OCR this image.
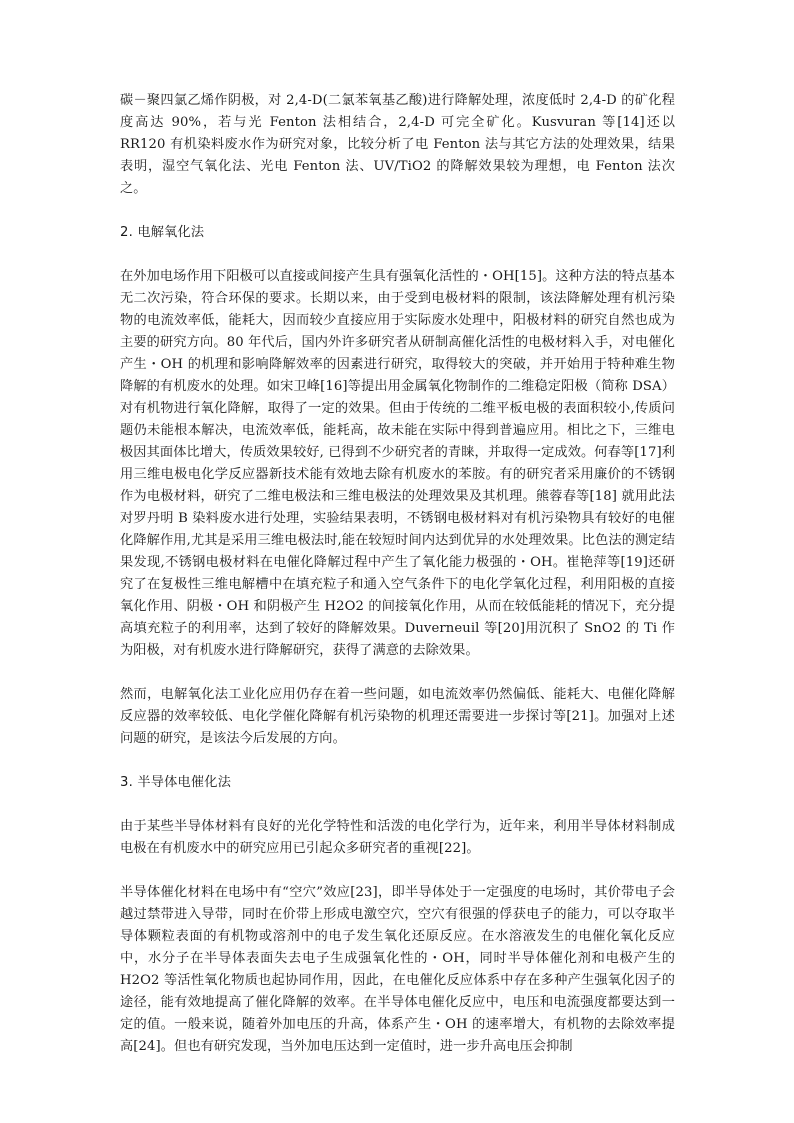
碳－聚四氯乙烯作阴极，对 2,4-D(二氯苯氧基乙酸)进行降解处理，浓度低时 2,4-D 的矿化程度高达 90%，若与光 Fenton 法相结合，2,4-D 可完全矿化。Kusvuran 等[14]还以 RR120 有机染料废水作为研究对象，比较分析了电 Fenton 法与其它方法的处理效果，结果表明，湿空气氧化法、光电 Fenton 法、UV/TiO2 的降解效果较为理想，电 Fenton 法次之。

2. 电解氧化法

在外加电场作用下阳极可以直接或间接产生具有强氧化活性的・OH[15]。这种方法的特点基本无二次污染，符合环保的要求。长期以来，由于受到电极材料的限制，该法降解处理有机污染物的电流效率低，能耗大，因而较少直接应用于实际废水处理中，阳极材料的研究自然也成为主要的研究方向。80 年代后，国内外许多研究者从研制高催化活性的电极材料入手，对电催化产生・OH 的机理和影响降解效率的因素进行研究，取得较大的突破，并开始用于特种难生物降解的有机废水的处理。如宋卫峰[16]等提出用金属氧化物制作的二维稳定阳极（简称 DSA）对有机物进行氧化降解，取得了一定的效果。但由于传统的二维平板电极的表面积较小,传质问题仍未能根本解决，电流效率低，能耗高，故未能在实际中得到普遍应用。相比之下，三维电极因其面体比增大，传质效果较好, 已得到不少研究者的青睐，并取得一定成效。何春等[17]利用三维电极电化学反应器新技术能有效地去除有机废水的苯胺。有的研究者采用廉价的不锈钢作为电极材料，研究了二维电极法和三维电极法的处理效果及其机理。熊蓉春等[18] 就用此法对罗丹明 B 染料废水进行处理，实验结果表明，不锈钢电极材料对有机污染物具有较好的电催化降解作用,尤其是采用三维电极法时,能在较短时间内达到优异的水处理效果。比色法的测定结果发现,不锈钢电极材料在电催化降解过程中产生了氧化能力极强的・OH。崔艳萍等[19]还研究了在复极性三维电解槽中在填充粒子和通入空气条件下的电化学氧化过程，利用阳极的直接氧化作用、阴极・OH 和阴极产生 H2O2 的间接氧化作用，从而在较低能耗的情况下，充分提高填充粒子的利用率，达到了较好的降解效果。Duverneuil 等[20]用沉积了 SnO2 的 Ti 作为阳极，对有机废水进行降解研究，获得了满意的去除效果。

然而，电解氧化法工业化应用仍存在着一些问题，如电流效率仍然偏低、能耗大、电催化降解反应器的效率较低、电化学催化降解有机污染物的机理还需要进一步探讨等[21]。加强对上述问题的研究，是该法今后发展的方向。

3. 半导体电催化法

由于某些半导体材料有良好的光化学特性和活泼的电化学行为，近年来，利用半导体材料制成电极在有机废水中的研究应用已引起众多研究者的重视[22]。

半导体催化材料在电场中有“空穴”效应[23]，即半导体处于一定强度的电场时，其价带电子会越过禁带进入导带，同时在价带上形成电激空穴，空穴有很强的俘获电子的能力，可以夺取半导体颗粒表面的有机物或溶剂中的电子发生氧化还原反应。在水溶液发生的电催化氧化反应中，水分子在半导体表面失去电子生成强氧化性的・OH，同时半导体催化剂和电极产生的 H2O2 等活性氧化物质也起协同作用，因此，在电催化反应体系中存在多种产生强氧化因子的途径，能有效地提高了催化降解的效率。在半导体电催化反应中，电压和电流强度都要达到一定的值。一般来说，随着外加电压的升高，体系产生・OH 的速率增大，有机物的去除效率提高[24]。但也有研究发现，当外加电压达到一定值时，进一步升高电压会抑制
